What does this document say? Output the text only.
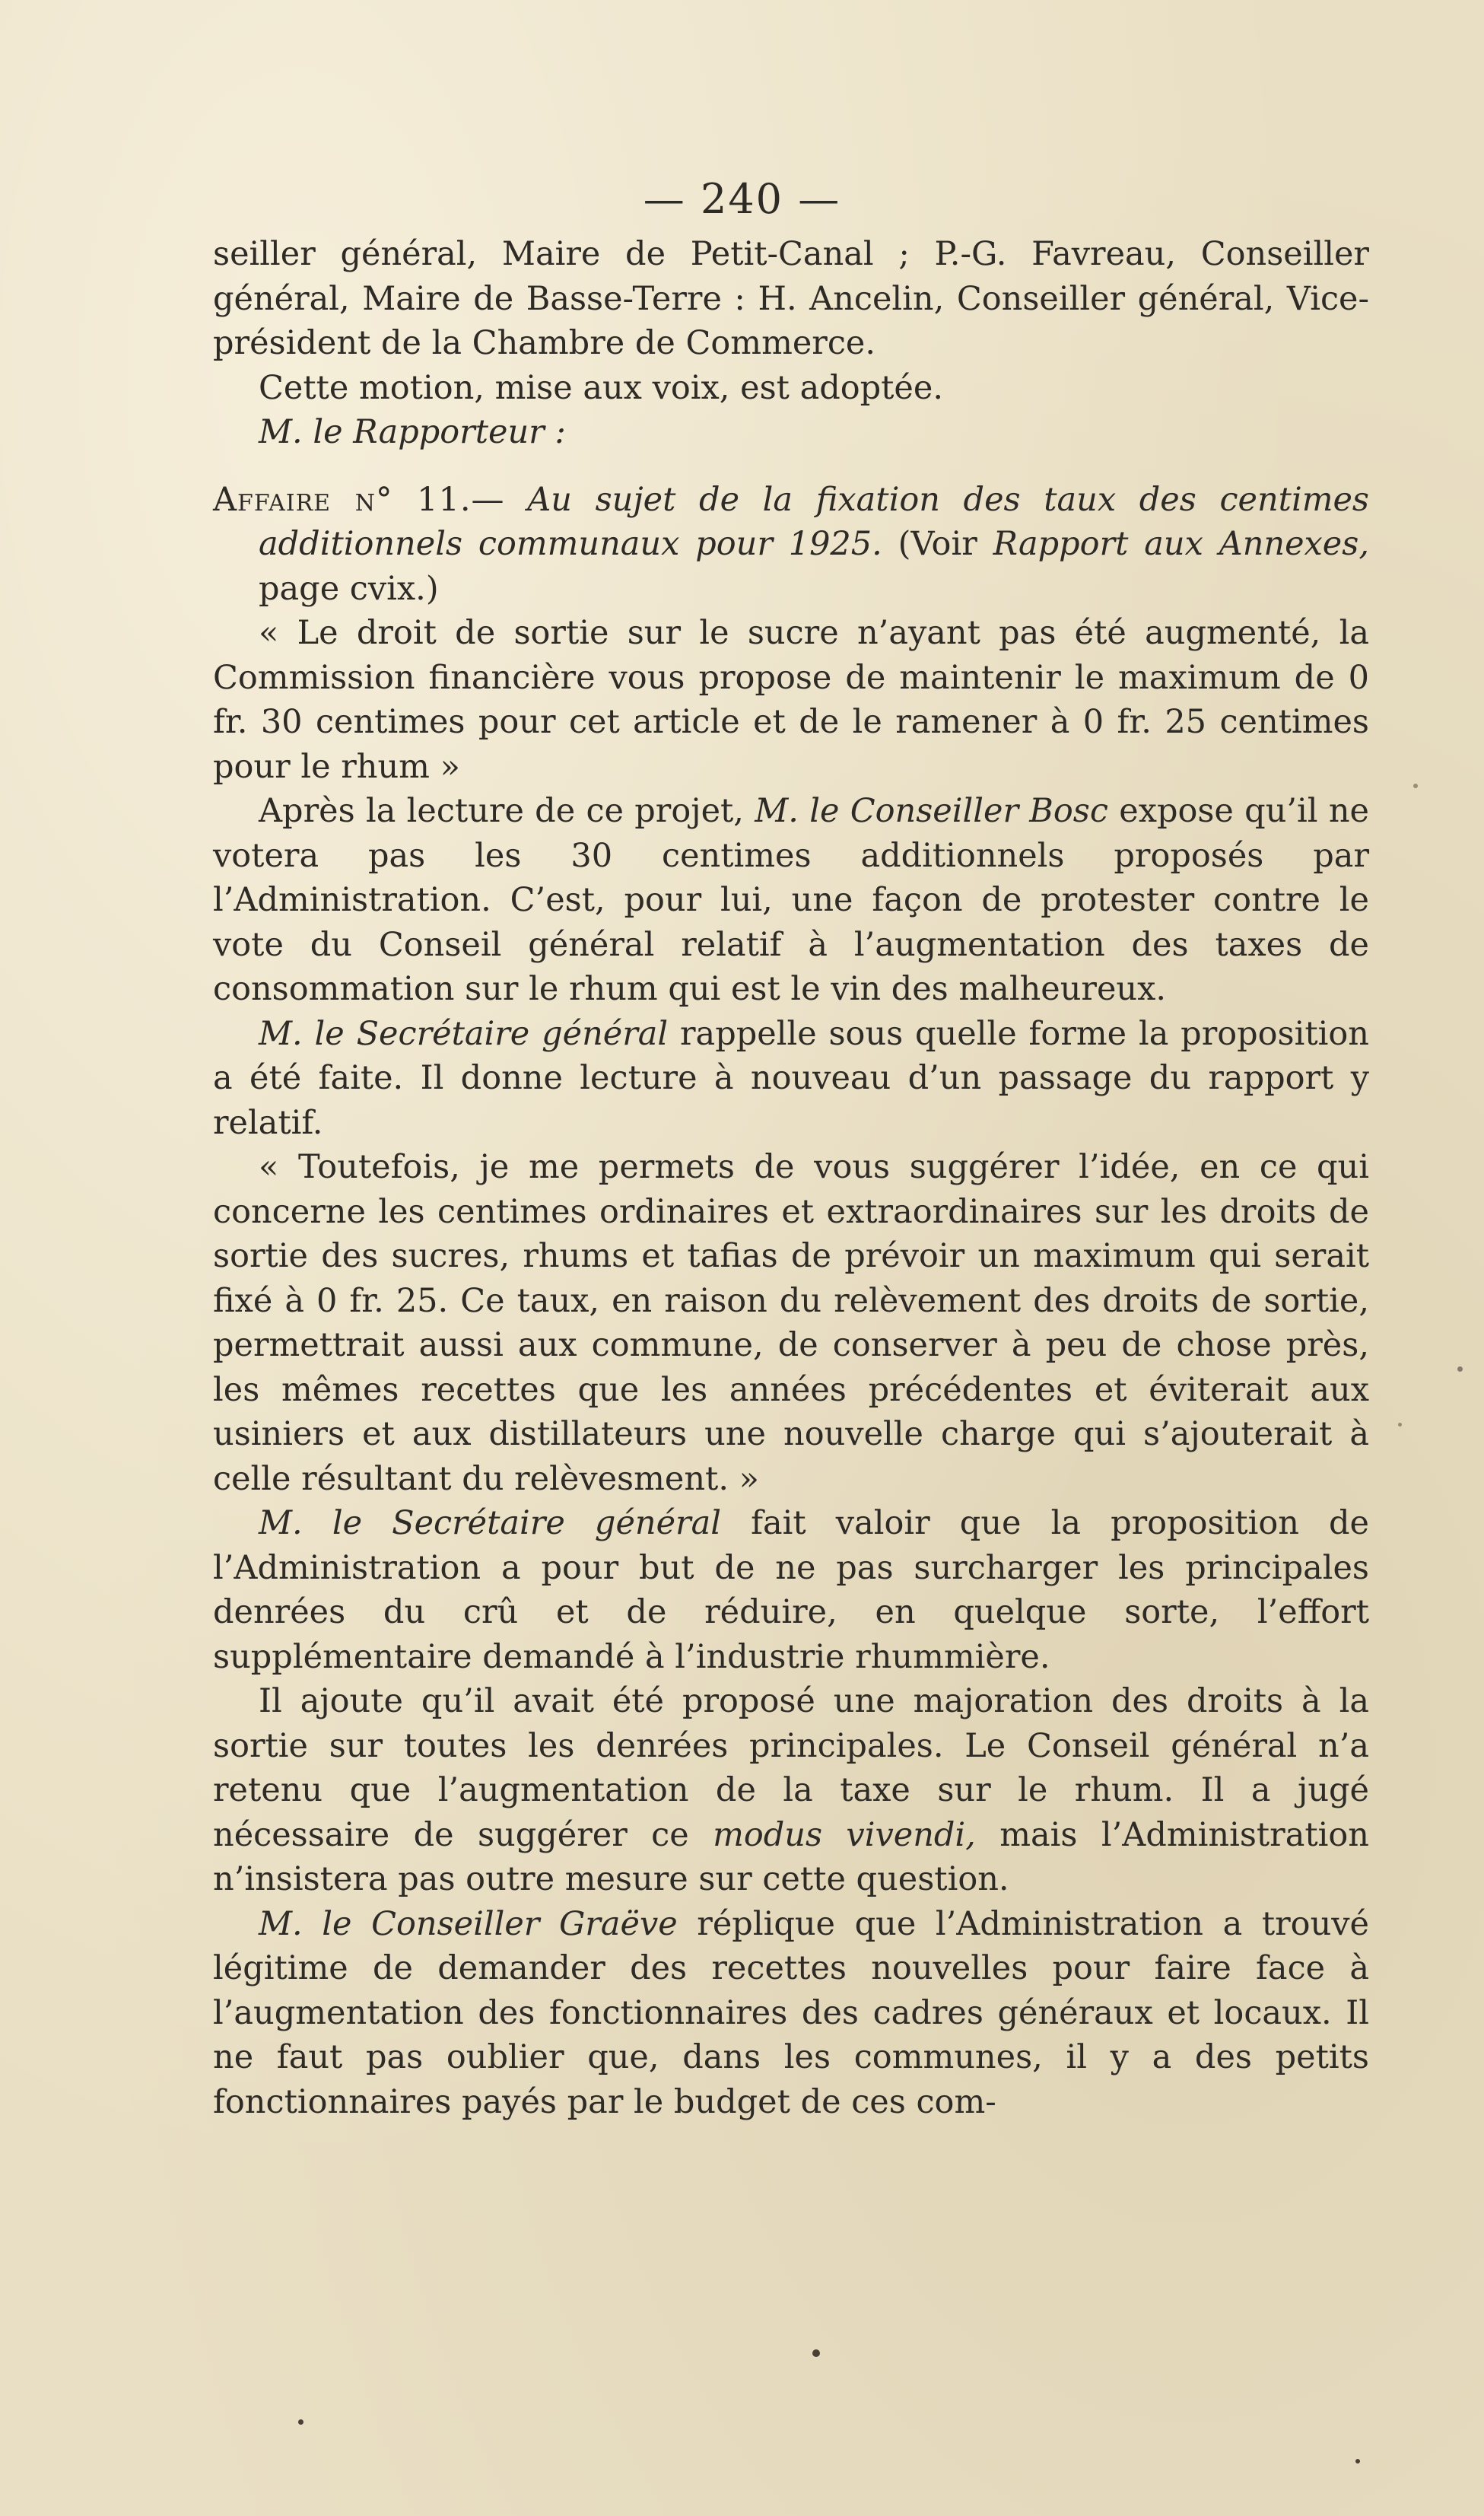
— 240 —

seiller général, Maire de Petit-Canal ; P.-G. Favreau, Conseiller général, Maire de Basse-Terre : H. Ancelin, Conseiller général, Vice-président de la Chambre de Commerce.

Cette motion, mise aux voix, est adoptée.

M. le Rapporteur :

Affaire n° 11.— Au sujet de la fixation des taux des centimes additionnels communaux pour 1925. (Voir Rapport aux Annexes, page cvix.)

« Le droit de sortie sur le sucre n’ayant pas été augmenté, la Commission financière vous propose de maintenir le maximum de 0 fr. 30 centimes pour cet article et de le ramener à 0 fr. 25 centimes pour le rhum »

Après la lecture de ce projet, M. le Conseiller Bosc expose qu’il ne votera pas les 30 centimes additionnels proposés par l’Administration. C’est, pour lui, une façon de protester contre le vote du Conseil général relatif à l’augmentation des taxes de consommation sur le rhum qui est le vin des malheureux.

M. le Secrétaire général rappelle sous quelle forme la proposition a été faite. Il donne lecture à nouveau d’un passage du rapport y relatif.

« Toutefois, je me permets de vous suggérer l’idée, en ce qui concerne les centimes ordinaires et extraordinaires sur les droits de sortie des sucres, rhums et tafias de prévoir un maximum qui serait fixé à 0 fr. 25. Ce taux, en raison du relèvement des droits de sortie, permettrait aussi aux commune, de conserver à peu de chose près, les mêmes recettes que les années précédentes et éviterait aux usiniers et aux distillateurs une nouvelle charge qui s’ajouterait à celle résultant du relèvesment. »

M. le Secrétaire général fait valoir que la proposition de l’Administration a pour but de ne pas surcharger les principales denrées du crû et de réduire, en quelque sorte, l’effort supplémentaire demandé à l’industrie rhummière.

Il ajoute qu’il avait été proposé une majoration des droits à la sortie sur toutes les denrées principales. Le Conseil général n’a retenu que l’augmentation de la taxe sur le rhum. Il a jugé nécessaire de suggérer ce modus vivendi, mais l’Administration n’insistera pas outre mesure sur cette question.

M. le Conseiller Graëve réplique que l’Administration a trouvé légitime de demander des recettes nouvelles pour faire face à l’augmentation des fonctionnaires des cadres généraux et locaux. Il ne faut pas oublier que, dans les communes, il y a des petits fonctionnaires payés par le budget de ces com-
